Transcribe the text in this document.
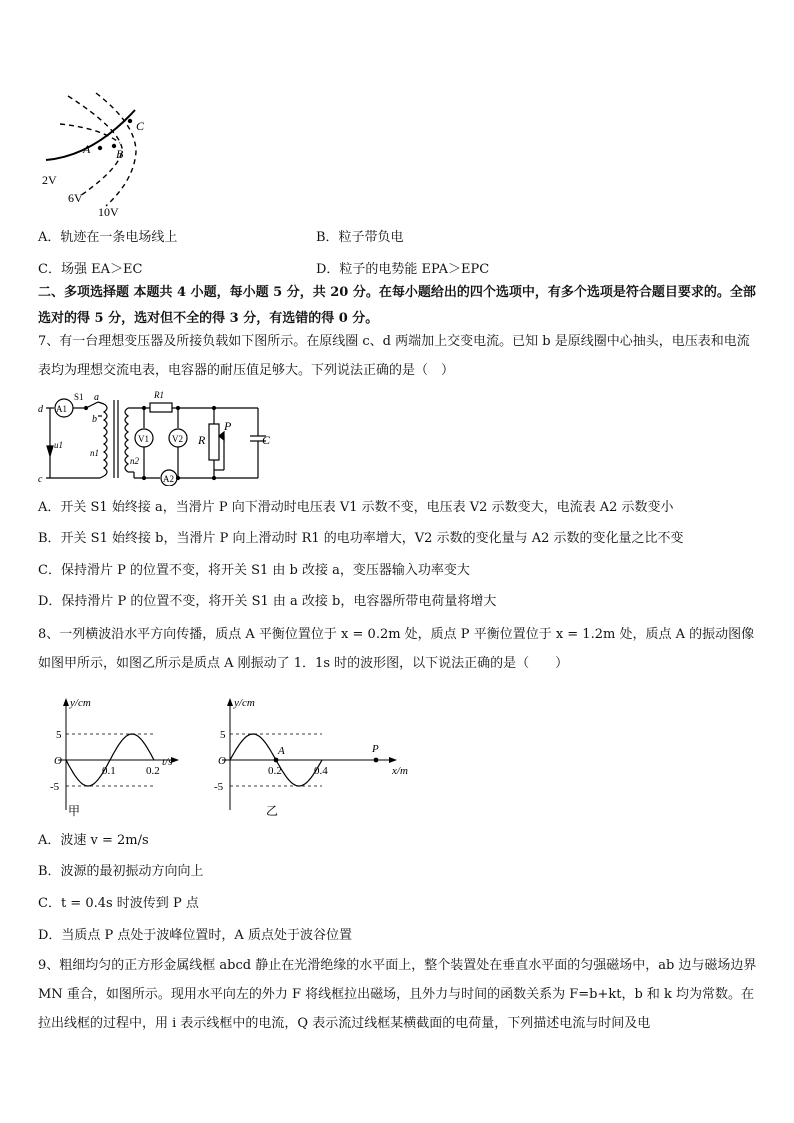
A B
C
2V
6V
10V
A．轨迹在一条电场线上	B．粒子带负电
C．场强 EA＞EC	D．粒子的电势能 EPA＞EPC
二、多项选择题 本题共 4 小题，每小题 5 分，共 20 分。在每小题给出的四个选项中，有多个选项是符合题目要求的。全部选对的得 5 分，选对但不全的得 3 分，有选错的得 0 分。
7、有一台理想变压器及所接负载如下图所示。在原线圈 c、d 两端加上交变电流。已知 b 是原线圈中心抽头，电压表和电流表均为理想交流电表，电容器的耐压值足够大。下列说法正确的是（　）
d A1
S1 a
b
u1
n1
n2
c
R1
V1	V2 R
P
C
A2
A．开关 S1 始终接 a，当滑片 P 向下滑动时电压表 V1 示数不变，电压表 V2 示数变大，电流表 A2 示数变小
B．开关 S1 始终接 b，当滑片 P 向上滑动时 R1 的电功率增大，V2 示数的变化量与 A2 示数的变化量之比不变
C．保持滑片 P 的位置不变，将开关 S1 由 b 改接 a，变压器输入功率变大
D．保持滑片 P 的位置不变，将开关 S1 由 a 改接 b，电容器所带电荷量将增大
8、一列横波沿水平方向传播，质点 A 平衡位置位于 x = 0.2m 处，质点 P 平衡位置位于 x = 1.2m 处，质点 A 的振动图像如图甲所示，如图乙所示是质点 A 刚振动了 1．1s 时的波形图，以下说法正确的是（　　）
5
-5
O
y/cm
t/s
0.1	0.2
甲
5
-5
O
y/cm
x/m
0.2	0.4
乙
A	P
A．波速 v = 2m/s
B．波源的最初振动方向向上
C．t = 0.4s 时波传到 P 点
D．当质点 P 点处于波峰位置时，A 质点处于波谷位置
9、粗细均匀的正方形金属线框 abcd 静止在光滑绝缘的水平面上，整个装置处在垂直水平面的匀强磁场中，ab 边与磁场边界 MN 重合，如图所示。现用水平向左的外力 F 将线框拉出磁场，且外力与时间的函数关系为 F=b+kt，b 和 k 均为常数。在拉出线框的过程中，用 i 表示线框中的电流，Q 表示流过线框某横截面的电荷量，下列描述电流与时间及电
